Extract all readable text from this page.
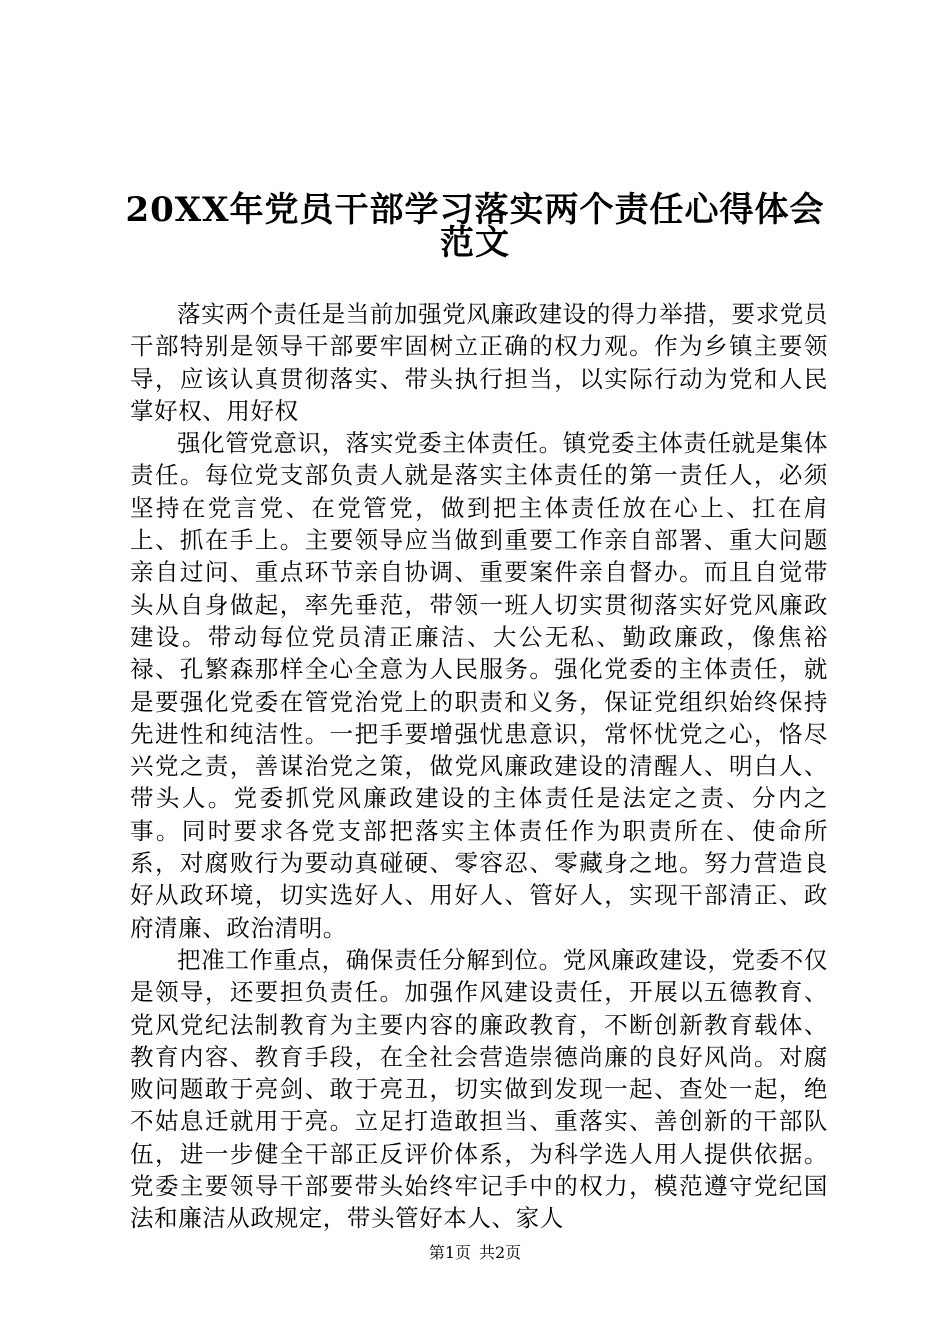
20XX年党员干部学习落实两个责任心得体会
范文

落实两个责任是当前加强党风廉政建设的得力举措，要求党员干部特别是领导干部要牢固树立正确的权力观。作为乡镇主要领导，应该认真贯彻落实、带头执行担当，以实际行动为党和人民掌好权、用好权

强化管党意识，落实党委主体责任。镇党委主体责任就是集体责任。每位党支部负责人就是落实主体责任的第一责任人，必须坚持在党言党、在党管党，做到把主体责任放在心上、扛在肩上、抓在手上。主要领导应当做到重要工作亲自部署、重大问题亲自过问、重点环节亲自协调、重要案件亲自督办。而且自觉带头从自身做起，率先垂范，带领一班人切实贯彻落实好党风廉政建设。带动每位党员清正廉洁、大公无私、勤政廉政，像焦裕禄、孔繁森那样全心全意为人民服务。强化党委的主体责任，就是要强化党委在管党治党上的职责和义务，保证党组织始终保持先进性和纯洁性。一把手要增强忧患意识，常怀忧党之心，恪尽兴党之责，善谋治党之策，做党风廉政建设的清醒人、明白人、带头人。党委抓党风廉政建设的主体责任是法定之责、分内之事。同时要求各党支部把落实主体责任作为职责所在、使命所系，对腐败行为要动真碰硬、零容忍、零藏身之地。努力营造良好从政环境，切实选好人、用好人、管好人，实现干部清正、政府清廉、政治清明。

把准工作重点，确保责任分解到位。党风廉政建设，党委不仅是领导，还要担负责任。加强作风建设责任，开展以五德教育、党风党纪法制教育为主要内容的廉政教育，不断创新教育载体、教育内容、教育手段，在全社会营造崇德尚廉的良好风尚。对腐败问题敢于亮剑、敢于亮丑，切实做到发现一起、查处一起，绝不姑息迁就用于亮。立足打造敢担当、重落实、善创新的干部队伍，进一步健全干部正反评价体系，为科学选人用人提供依据。党委主要领导干部要带头始终牢记手中的权力，模范遵守党纪国法和廉洁从政规定，带头管好本人、家人

第1页 共2页
